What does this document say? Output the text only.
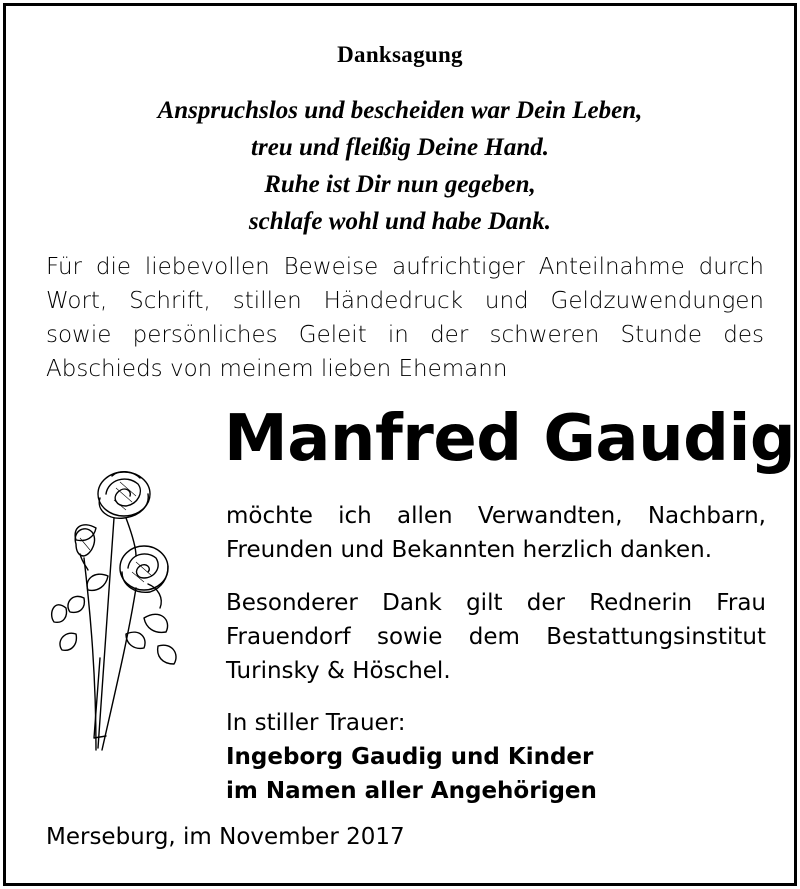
Danksagung
Anspruchslos und bescheiden war Dein Leben,
treu und fleißig Deine Hand.
Ruhe ist Dir nun gegeben,
schlafe wohl und habe Dank.
Für die liebevollen Beweise aufrichtiger Anteilnahme durch
Wort, Schrift, stillen Händedruck und Geldzuwendungen
sowie persönliches Geleit in der schweren Stunde des
Abschieds von meinem lieben Ehemann
Manfred Gaudig
möchte ich allen Verwandten, Nachbarn,
Freunden und Bekannten herzlich danken.
Besonderer Dank gilt der Rednerin Frau
Frauendorf sowie dem Bestattungsinstitut
Turinsky & Höschel.
In stiller Trauer:
Ingeborg Gaudig und Kinder
im Namen aller Angehörigen
Merseburg, im November 2017
